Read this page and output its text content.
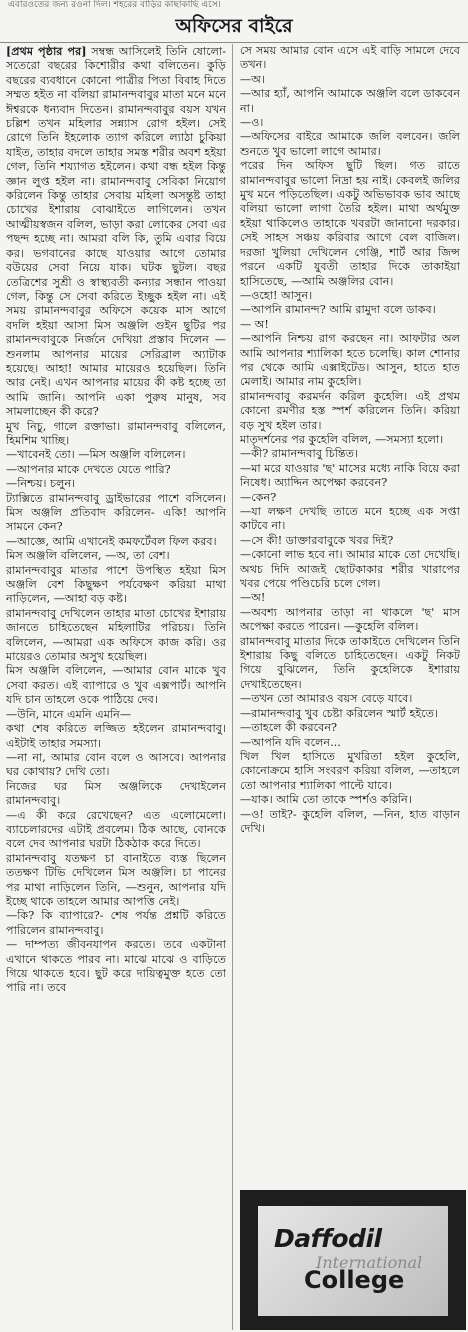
এবারওতের জন্য রওনা দিল। শহরের বাড়ির কাছাকাছি এসে।
অফিসের বাইরে

[প্রথম পৃষ্ঠার পর] সম্বন্ধ আসিলেই তিনি ষোলো-সতেরো বছরের কিশোরীর কথা বলিতেন। কুড়ি বছরের ব্যবধানে কোনো পাত্রীর পিতা বিবাহ দিতে সম্মত হইত না বলিয়া রামানন্দবাবুর মাতা মনে মনে ঈশ্বরকে ধন্যবাদ দিতেন। রামানন্দবাবুর বয়স যখন চল্লিশ তখন মহিলার সন্ন্যাস রোগ হইল। সেই রোগে তিনি ইহলোক ত্যাগ করিলে ল্যাঠা চুকিয়া যাইত, তাহার বদলে তাহার সমস্ত শরীর অবশ হইয়া গেল, তিনি শয্যাগত হইলেন। কথা বন্ধ হইল কিন্তু জ্ঞান লুপ্ত হইল না। রামানন্দবাবু সেবিকা নিয়োগ করিলেন কিন্তু তাহার সেবায় মহিলা অসন্তুষ্ট তাহা চোখের ইশারায় বোঝাইতে লাগিলেন। তখন আত্মীয়স্বজন বলিল, ভাড়া করা লোকের সেবা এর পছন্দ হচ্ছে না। আমরা বলি কি, তুমি এবার বিয়ে কর। ভগবানের কাছে যাওয়ার আগে তোমার বউয়ের সেবা নিয়ে যাক। ঘটক ছুটল। বছর তেত্রিশের সুশ্রী ও স্বাস্থ্যবতী কন্যার সন্ধান পাওয়া গেল, কিন্তু সে সেবা করিতে ইচ্ছুক হইল না। এই সময় রামানন্দবাবুর অফিসে কয়েক মাস আগে বদলি হইয়া আসা মিস অঞ্জলি গুইন ছুটির পর রামানন্দবাবুকে নির্জনে দেখিয়া প্রস্তাব দিলেন —শুনলাম আপনার মায়ের সেরিব্রাল অ্যাটাক হয়েছে। আহা! আমার মায়েরও হয়েছিল। তিনি আর নেই। এখন আপনার মায়ের কী কষ্ট হচ্ছে তা আমি জানি। আপনি একা পুরুষ মানুষ, সব সামলাচ্ছেন কী করে?

মুখ নিচু, গালে রক্তাভা। রামানন্দবাবু বলিলেন, হিমশিম খাচ্ছি।

—খাবেনই তো। —মিস অঞ্জলি বলিলেন।

—আপনার মাকে দেখতে যেতে পারি?

—নিশ্চয়। চলুন।

ট্যাক্সিতে রামানন্দবাবু ড্রাইভারের পাশে বসিলেন। মিস অঞ্জলি প্রতিবাদ করিলেন- একি! আপনি সামনে কেন?

—আজ্ঞে, আমি এখানেই কমফর্টেবল ফিল করব।

মিস অঞ্জলি বলিলেন, —অ, তা বেশ।

রামানন্দবাবুর মাতার পাশে উপস্থিত হইয়া মিস অঞ্জলি বেশ কিছুক্ষণ পর্যবেক্ষণ করিয়া মাথা নাড়িলেন, —আহা বড় কষ্ট।

রামানন্দবাবু দেখিলেন তাহার মাতা চোখের ইশারায় জানতে চাহিতেছেন মহিলাটির পরিচয়। তিনি বলিলেন, —আমরা এক অফিসে কাজ করি। ওর মায়েরও তোমার অসুখ হয়েছিল।

মিস অঞ্জলি বলিলেন, —আমার বোন মাকে খুব সেবা করত। এই ব্যাপারে ও খুব এক্সপার্ট। আপনি যদি চান তাহলে ওকে পাঠিয়ে দেব।

—উনি, মানে এমনি এমনি—

কথা শেষ করিতে লজ্জিত হইলেন রামানন্দবাবু। এইটাই তাহার সমস্যা।

—না না, আমার বোন বলে ও আসবে। আপনার ঘর কোথায়? দেখি তো।

নিজের ঘর মিস অঞ্জলিকে দেখাইলেন রামানন্দবাবু।

—এ কী করে রেখেছেন? এত এলোমেলো। ব্যাচেলারদের এটাই প্রবলেম। ঠিক আছে, বোনকে বলে দেব আপনার ঘরটা ঠিকঠাক করে দিতে।

রামানন্দবাবু যতক্ষণ চা বানাইতে ব্যস্ত ছিলেন ততক্ষণ টিভি দেখিলেন মিস অঞ্জলি। চা পানের পর মাথা নাড়িলেন তিনি, —শুনুন, আপনার যদি ইচ্ছে থাকে তাহলে আমার আপত্তি নেই।

—কি? কি ব্যাপারে?- শেষ পর্যন্ত প্রশ্নটি করিতে পারিলেন রামানন্দবাবু।

— দাম্পত্য জীবনযাপন করতে। তবে একটানা এখানে থাকতে পারব না। মাঝে মাঝে ও বাড়িতে গিয়ে থাকতে হবে। ছুট করে দায়িত্বমুক্ত হতে তো পারি না। তবে

সে সময় আমার বোন এসে এই বাড়ি সামলে দেবে তখন।

—অ।

—আর হ্যাঁ, আপনি আমাকে অঞ্জলি বলে ডাকবেন না।

—ও।

—অফিসের বাইরে আমাকে জলি বলবেন। জলি শুনতে খুব ভালো লাগে আমার।

পরের দিন অফিস ছুটি ছিল। গত রাতে রামানন্দবাবুর ভালো নিদ্রা হয় নাই। কেবলই জলির মুখ মনে পড়িতেছিল। একটু অভিভাবক ভাব আছে বলিয়া ভালো লাগা তৈরি হইল। মাথা অর্থমুক্ত হইয়া থাকিলেও তাহাকে খবরটা জানানো দরকার। সেই সাহস সঞ্চয় করিবার আগে বেল বাজিল। দরজা খুলিয়া দেখিলেন গেঞ্জি, শার্ট আর জিন্স পরনে একটি যুবতী তাহার দিকে তাকাইয়া হাসিতেছে, —আমি অঞ্জলির বোন।

—ওহো! আসুন।

—আপনি রামানন্দ? আমি রামুদা বলে ডাকব।

— অ!

—আপনি নিশ্চয় রাগ করছেন না। আফটার অল আমি আপনার শ্যালিকা হতে চলেছি। কাল শোনার পর থেকে আমি এক্সাইটেড। আসুন, হাতে হাত মেলাই। আমার নাম কুহেলি।

রামানন্দবাবু করমর্দন করিল কুহেলি। এই প্রথম কোনো রমণীর হস্ত স্পর্শ করিলেন তিনি। করিয়া বড় সুখ হইল তার।

মাতৃদর্শনের পর কুহেলি বলিল, —সমস্যা হলো।

—কী? রামানন্দবাবু চিন্তিত।

—মা মরে যাওয়ার 'ছ' মাসের মধ্যে নাকি বিয়ে করা নিষেধ। অ্যাদ্দিন অপেক্ষা করবেন?

—কেন?

—যা লক্ষণ দেখছি তাতে মনে হচ্ছে এক সপ্তা কাটবে না।

—সে কী! ডাক্তারবাবুকে খবর দিই?

—কোনো লাভ হবে না। আমার মাকে তো দেখেছি। অথচ দিদি আজই ছোটকাকার শরীর খারাপের খবর পেয়ে পণ্ডিচেরি চলে গেল।

—অ!

—অবশ্য আপনার তাড়া না থাকলে 'ছ' মাস অপেক্ষা করতে পারেন। —কুহেলি বলিল।

রামানন্দবাবু মাতার দিকে তাকাইতে দেখিলেন তিনি ইশারায় কিছু বলিতে চাহিতেছেন। একটু নিকট গিয়ে বুঝিলেন, তিনি কুহেলিকে ইশারায় দেখাইতেছেন।

—তখন তো আমারও বয়স বেড়ে যাবে।

—রামানন্দবাবু খুব চেষ্টা করিলেন স্মার্ট হইতে।

—তাহলে কী করবেন?

—আপনি যদি বলেন...

খিল খিল হাসিতে মুখরিতা হইল কুহেলি, কোনোক্রমে হাসি সংবরণ করিয়া বলিল, —তাহলে তো আপনার শ্যালিকা পাল্টে যাবে।

—যাক। আমি তো তাকে স্পর্শও করিনি।

—ও! তাই?- কুহেলি বলিল, —নিন, হাত বাড়ান দেখি।

Daffodil
International
College
